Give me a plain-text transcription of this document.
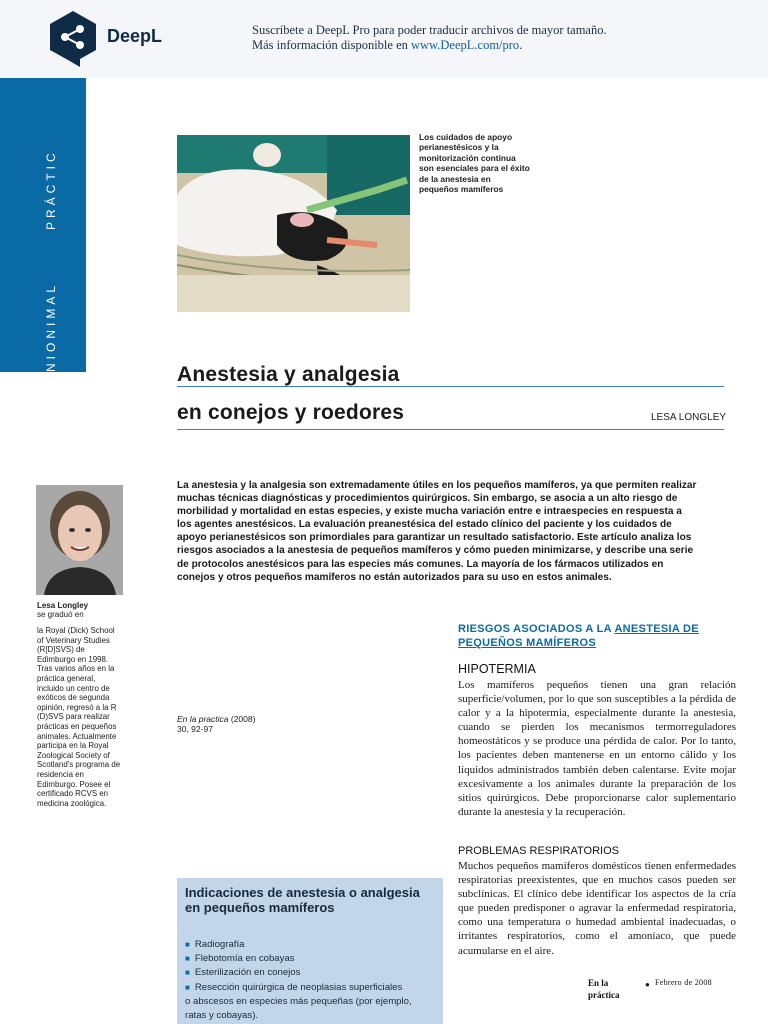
DeepL	Suscríbete a DeepL Pro para poder traducir archivos de mayor tamaño.
Más información disponible en www.DeepL.com/pro.
NIONIMAL
PRÁCTIC
Los cuidados de apoyo perianestésicos y la monitorización continua son esenciales para el éxito de la anestesia en pequeños mamíferos
Anestesia y analgesia
en conejos y roedores	LESA LONGLEY
Lesa Longley
se graduó en
la Royal (Dick) School of Veterinary Studies (R[D]SVS) de Edimburgo en 1998. Tras varios años en la práctica general, incluido un centro de exóticos de segunda opinión, regresó a la R (D)SVS para realizar prácticas en pequeños animales. Actualmente participa en la Royal Zoological Society of Scotland's programa de residencia en Edimburgo. Posee el certificado RCVS en medicina zoológica.
La anestesia y la analgesia son extremadamente útiles en los pequeños mamíferos, ya que permiten realizar muchas técnicas diagnósticas y procedimientos quirúrgicos. Sin embargo, se asocia a un alto riesgo de morbilidad y mortalidad en estas especies, y existe mucha variación entre e intraespecies en respuesta a los agentes anestésicos. La evaluación preanestésica del estado clínico del paciente y los cuidados de apoyo perianestésicos son primordiales para garantizar un resultado satisfactorio. Este artículo analiza los riesgos asociados a la anestesia de pequeños mamíferos y cómo pueden minimizarse, y describe una serie de protocolos anestésicos para las especies más comunes. La mayoría de los fármacos utilizados en conejos y otros pequeños mamíferos no están autorizados para su uso en estos animales.
En la practica (2008)
30, 92-97
RIESGOS ASOCIADOS A LA ANESTESIA DE
PEQUEÑOS MAMÍFEROS
HIPOTERMIA
Los mamíferos pequeños tienen una gran relación superficie/volumen, por lo que son susceptibles a la pérdida de calor y a la hipotermia, especialmente durante la anestesia, cuando se pierden los mecanismos termorreguladores homeostáticos y se produce una pérdida de calor. Por lo tanto, los pacientes deben mantenerse en un entorno cálido y los líquidos administrados también deben calentarse. Evite mojar excesivamente a los animales durante la preparación de los sitios quirúrgicos. Debe proporcionarse calor suplementario durante la anestesia y la recuperación.
PROBLEMAS RESPIRATORIOS
Muchos pequeños mamíferos domésticos tienen enfermedades respiratorias preexistentes, que en muchos casos pueden ser subclínicas. El clínico debe identificar los aspectos de la cría que pueden predisponer o agravar la enfermedad respiratoria, como una temperatura o humedad ambiental inadecuadas, o irritantes respiratorios, como el amoníaco, que puede acumularse en el aire.
Indicaciones de anestesia o analgesia en pequeños mamíferos
■ Radiografía
■ Flebotomía en cobayas
■ Esterilización en conejos
■ Resección quirúrgica de neoplasias superficiales
o abscesos en especies más pequeñas (por ejemplo,
ratas y cobayas).
En la
práctica
● Febrero de 2008
